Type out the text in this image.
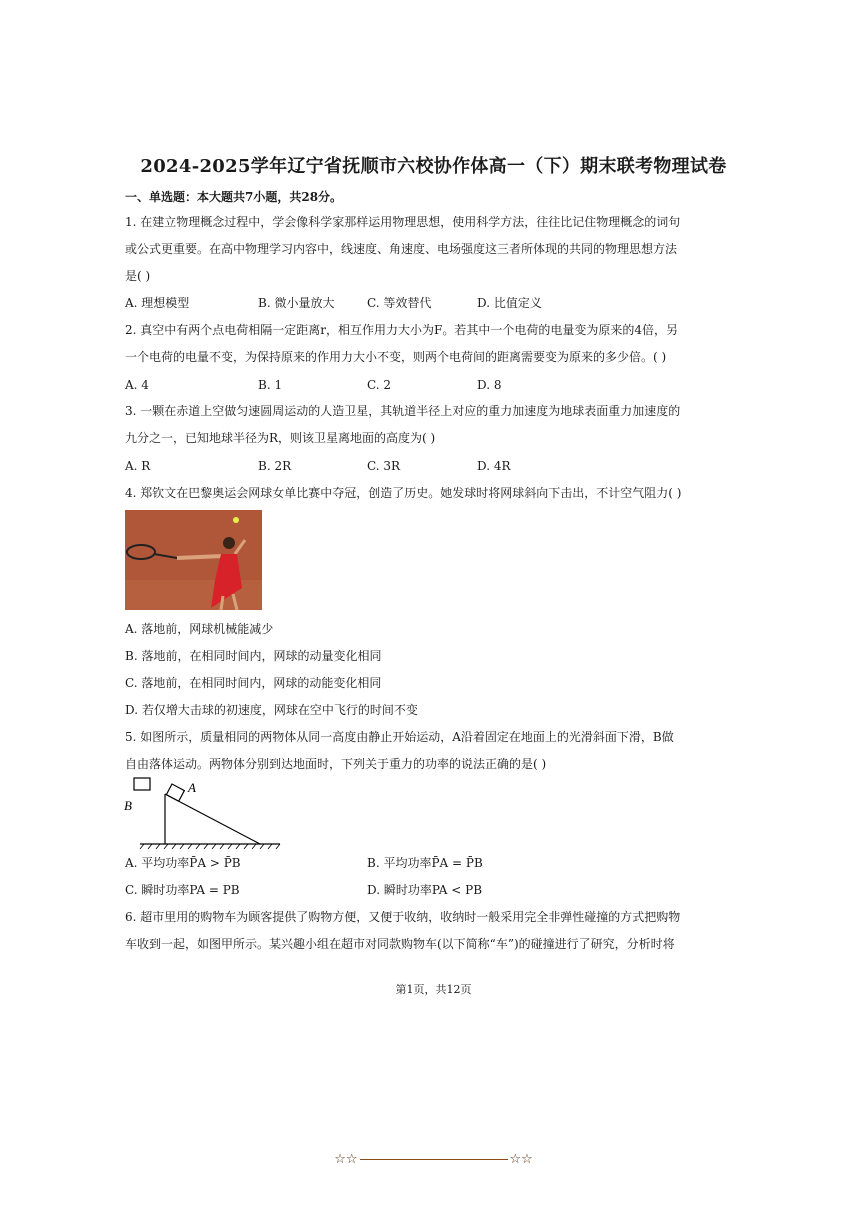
2024-2025学年辽宁省抚顺市六校协作体高一（下）期末联考物理试卷
一、单选题：本大题共7小题，共28分。
1. 在建立物理概念过程中，学会像科学家那样运用物理思想，使用科学方法，往往比记住物理概念的词句
或公式更重要。在高中物理学习内容中，线速度、角速度、电场强度这三者所体现的共同的物理思想方法
是( )
A. 理想模型	B. 微小量放大	C. 等效替代	D. 比值定义
2. 真空中有两个点电荷相隔一定距离r，相互作用力大小为F。若其中一个电荷的电量变为原来的4倍，另
一个电荷的电量不变，为保持原来的作用力大小不变，则两个电荷间的距离需要变为原来的多少倍。( )
A. 4	B. 1	C. 2	D. 8
3. 一颗在赤道上空做匀速圆周运动的人造卫星，其轨道半径上对应的重力加速度为地球表面重力加速度的
九分之一，已知地球半径为R，则该卫星离地面的高度为( )
A. R	B. 2R	C. 3R	D. 4R
4. 郑钦文在巴黎奥运会网球女单比赛中夺冠，创造了历史。她发球时将网球斜向下击出，不计空气阻力( )
A. 落地前，网球机械能减少
B. 落地前，在相同时间内，网球的动量变化相同
C. 落地前，在相同时间内，网球的动能变化相同
D. 若仅增大击球的初速度，网球在空中飞行的时间不变
5. 如图所示，质量相同的两物体从同一高度由静止开始运动，A沿着固定在地面上的光滑斜面下滑，B做
自由落体运动。两物体分别到达地面时，下列关于重力的功率的说法正确的是( )
A
B
A. 平均功率P̄A > P̄B	B. 平均功率P̄A = P̄B
C. 瞬时功率PA = PB	D. 瞬时功率PA < PB
6. 超市里用的购物车为顾客提供了购物方便，又便于收纳，收纳时一般采用完全非弹性碰撞的方式把购物
车收到一起，如图甲所示。某兴趣小组在超市对同款购物车(以下简称“车”)的碰撞进行了研究，分析时将
第1页，共12页
☆☆	☆☆
